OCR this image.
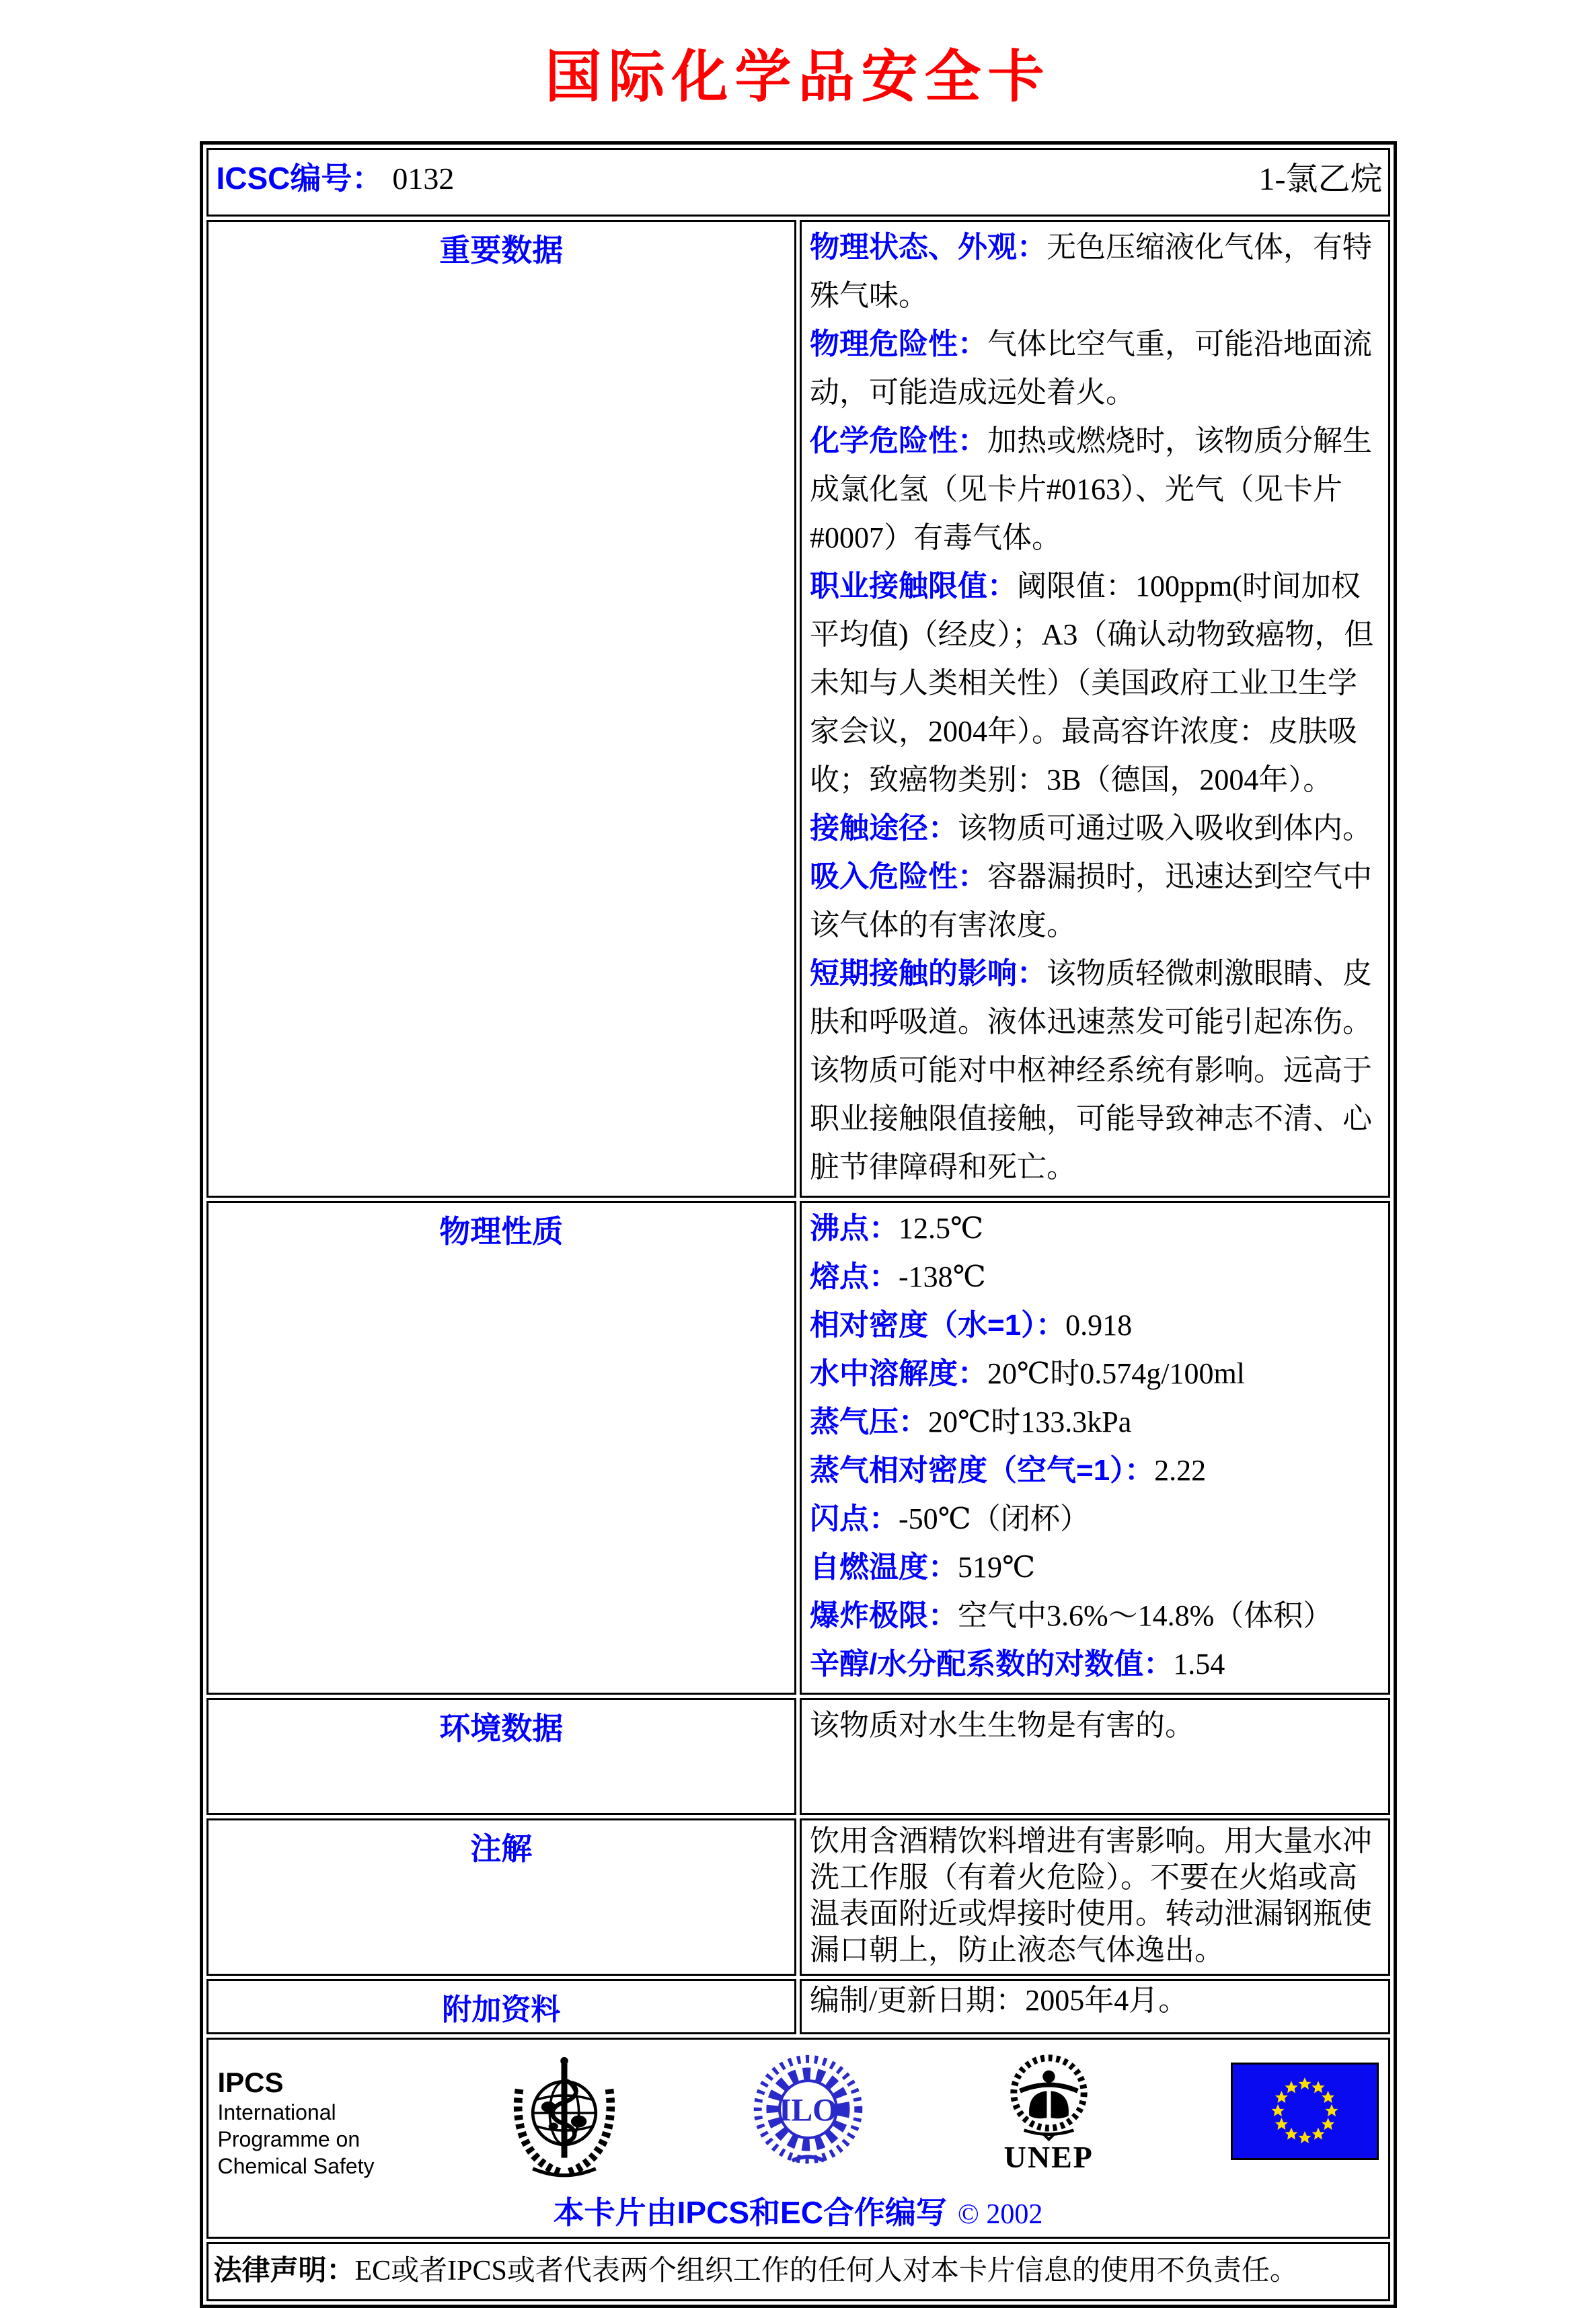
国际化学品安全卡
ICSC编号： 0132 1-氯乙烷	

重要数据	物理状态、外观：无色压缩液化气体，有特殊气味。

物理危险性：气体比空气重，可能沿地面流动，可能造成远处着火。

化学危险性：加热或燃烧时，该物质分解生成氯化氢（见卡片#0163）、光气（见卡片#0007）有毒气体。

职业接触限值：阈限值：100ppm(时间加权平均值)（经皮）；A3（确认动物致癌物，但未知与人类相关性）（美国政府工业卫生学家会议，2004年）。最高容许浓度：皮肤吸收；致癌物类别：3B（德国，2004年）。

接触途径：该物质可通过吸入吸收到体内。

吸入危险性：容器漏损时，迅速达到空气中该气体的有害浓度。

短期接触的影响：该物质轻微刺激眼睛、皮肤和呼吸道。液体迅速蒸发可能引起冻伤。该物质可能对中枢神经系统有影响。远高于职业接触限值接触，可能导致神志不清、心脏节律障碍和死亡。

物理性质	沸点：12.5℃

熔点：-138℃

相对密度（水=1）：0.918

水中溶解度：20℃时0.574g/100ml

蒸气压：20℃时133.3kPa

蒸气相对密度（空气=1）：2.22

闪点：-50℃（闭杯）

自燃温度：519℃

爆炸极限：空气中3.6%～14.8%（体积）

辛醇/水分配系数的对数值：1.54

环境数据	该物质对水生生物是有害的。
注解	饮用含酒精饮料增进有害影响。用大量水冲洗工作服（有着火危险）。不要在火焰或高温表面附近或焊接时使用。转动泄漏钢瓶使漏口朝上，防止液态气体逸出。
附加资料	编制/更新日期：2005年4月。

IPCS
International
Programme on
Chemical Safety
ILO
UNEP
本卡片由IPCS和EC合作编写 © 2002

法律声明：EC或者IPCS或者代表两个组织工作的任何人对本卡片信息的使用不负责任。	
